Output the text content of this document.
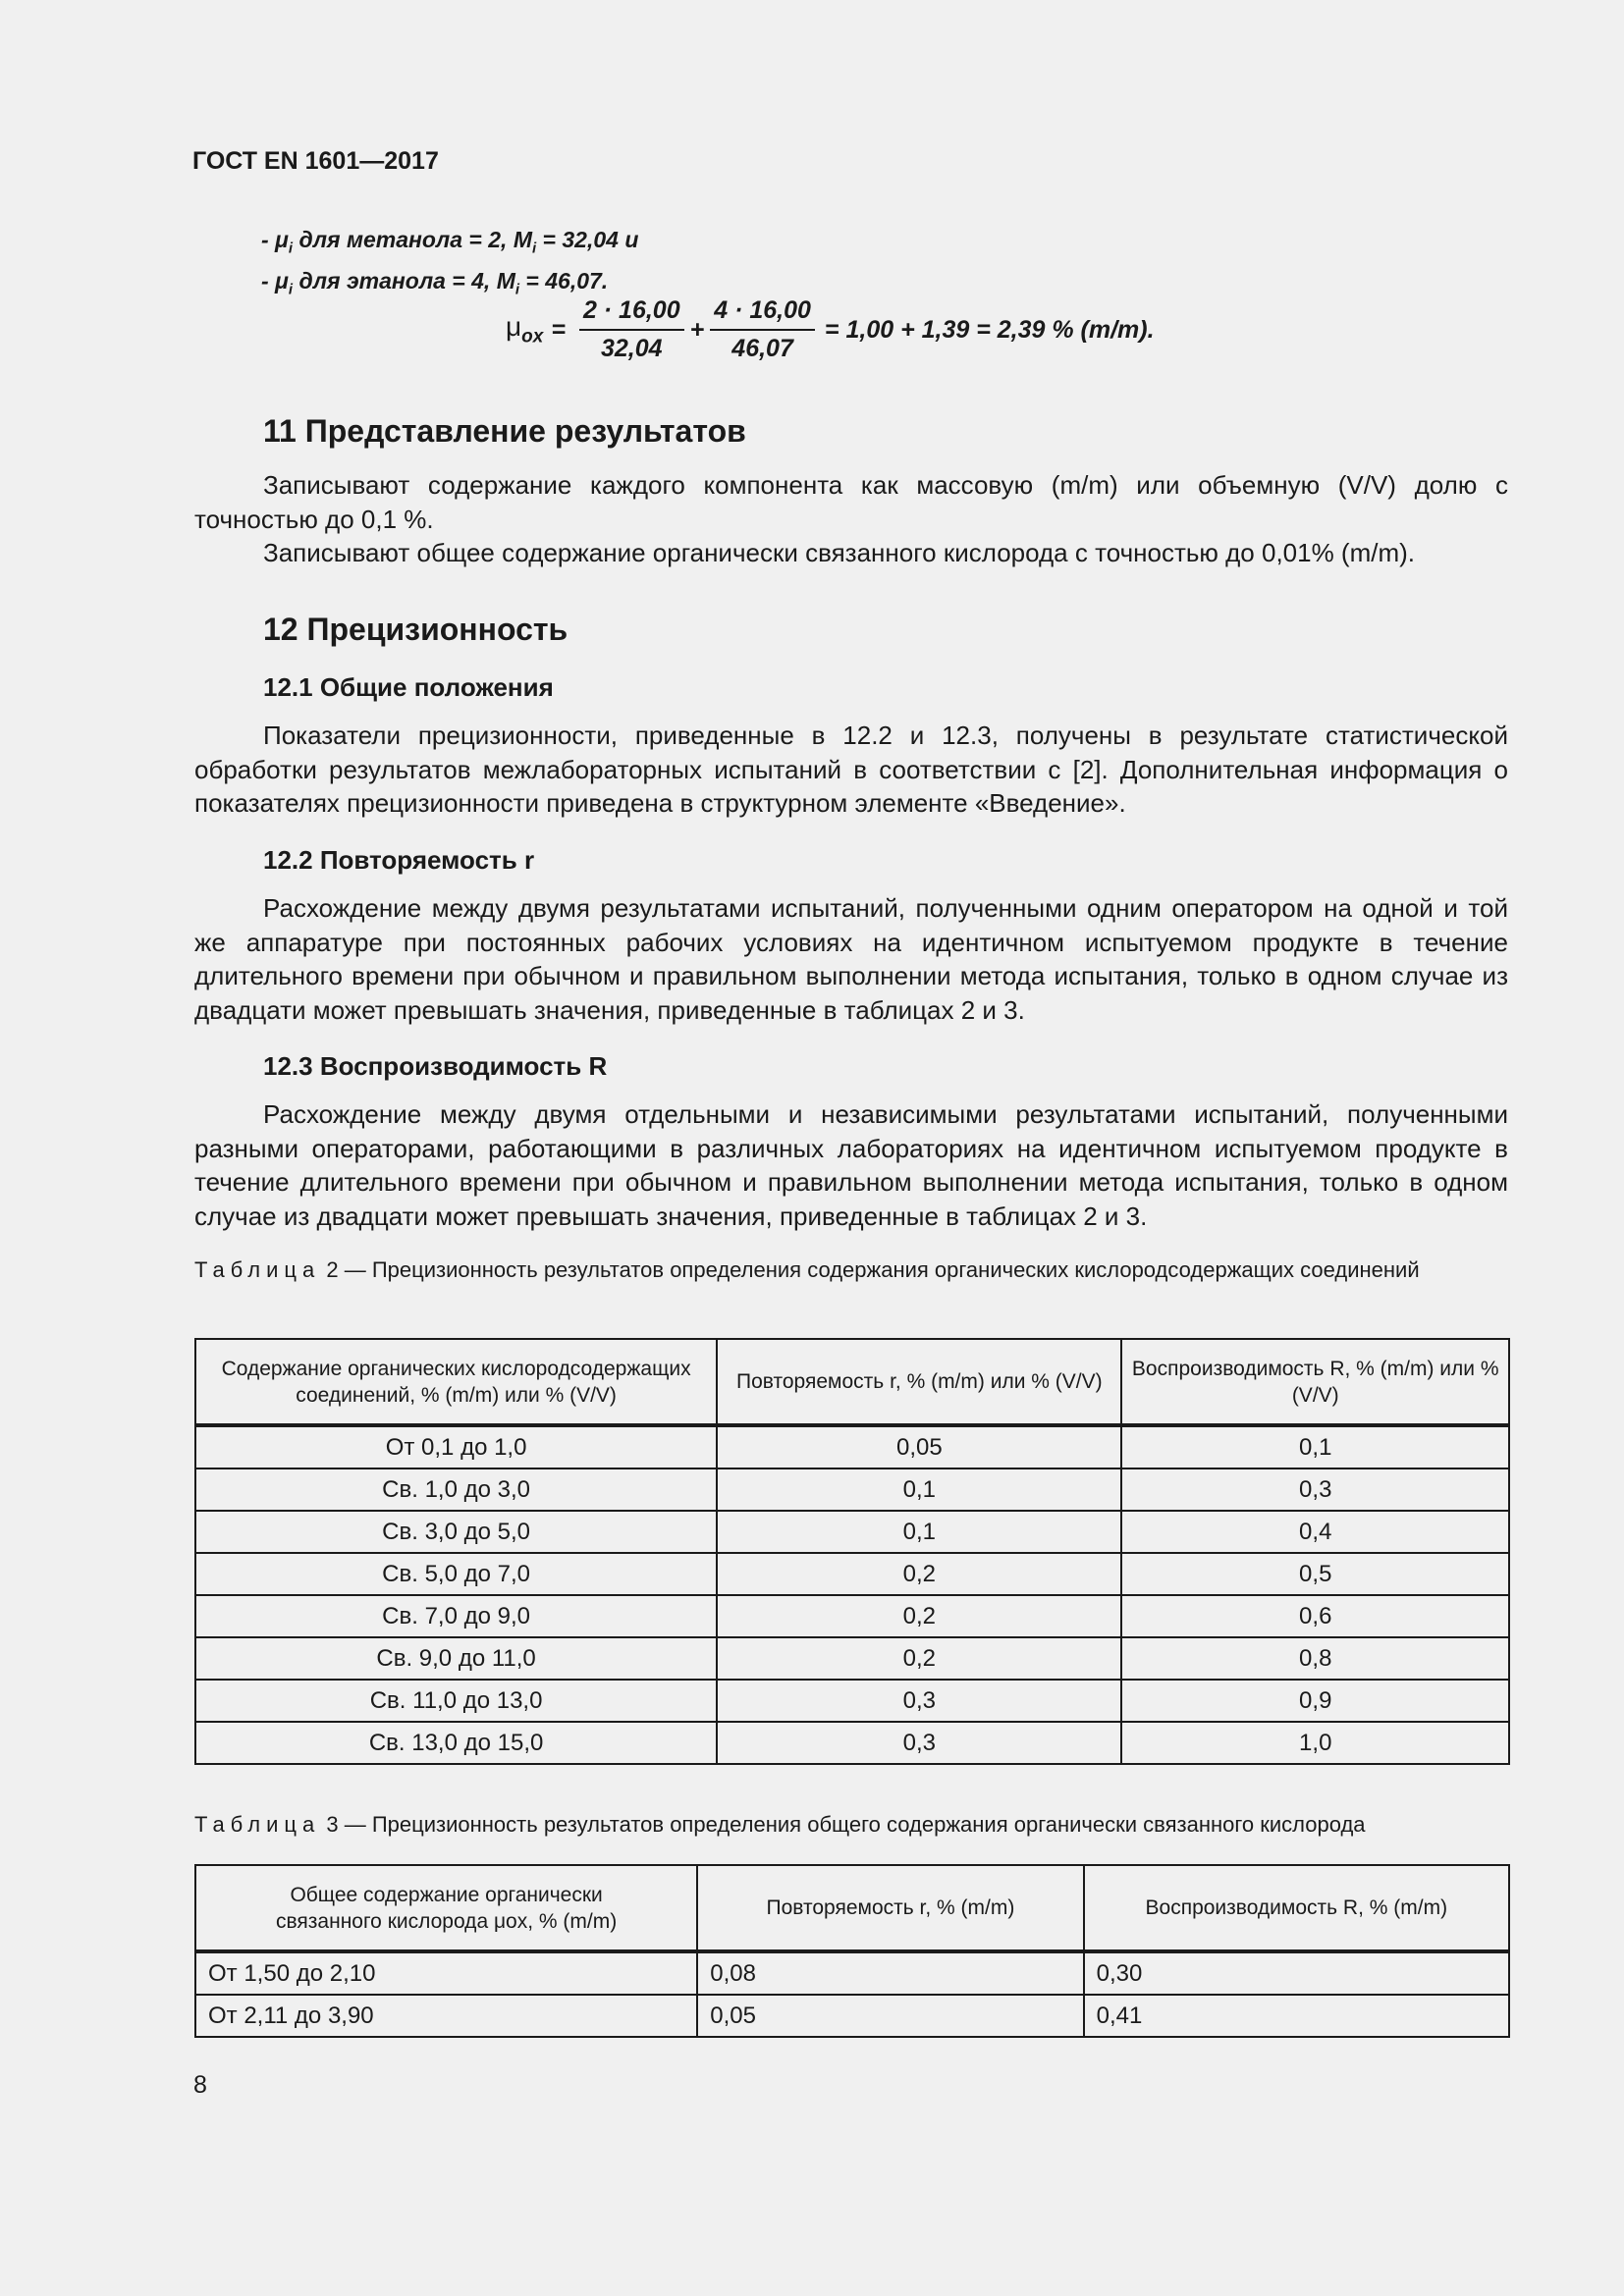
ГОСТ EN 1601—2017
- $\mu_i$ для метанола = 2, $M_i = 32,04$ и
- $\mu_i$ для этанола = 4, $M_i = 46,07$.
$\mu_{ox} = \frac{2 \cdot 16,00}{32,04} + \frac{4 \cdot 16,00}{46,07} = 1,00 + 1,39 = 2,39$ % (m/m).
11 Представление результатов

Записывают содержание каждого компонента как массовую (m/m) или объемную (V/V) долю с точностью до 0,1 %.

Записывают общее содержание органически связанного кислорода с точностью до 0,01% (m/m).

12 Прецизионность
12.1 Общие положения

Показатели прецизионности, приведенные в 12.2 и 12.3, получены в результате статистической обработки результатов межлабораторных испытаний в соответствии с [2]. Дополнительная информация о показателях прецизионности приведена в структурном элементе «Введение».

12.2 Повторяемость r

Расхождение между двумя результатами испытаний, полученными одним оператором на одной и той же аппаратуре при постоянных рабочих условиях на идентичном испытуемом продукте в течение длительного времени при обычном и правильном выполнении метода испытания, только в одном случае из двадцати может превышать значения, приведенные в таблицах 2 и 3.

12.3 Воспроизводимость R

Расхождение между двумя отдельными и независимыми результатами испытаний, полученными разными операторами, работающими в различных лабораториях на идентичном испытуемом продукте в течение длительного времени при обычном и правильном выполнении метода испытания, только в одном случае из двадцати может превышать значения, приведенные в таблицах 2 и 3.

Таблица 2 — Прецизионность результатов определения содержания органических кислородсодержащих соединений

Содержание органических кислородсодержащих соединений, % (m/m) или % (V/V)	Повторяемость r, % (m/m) или % (V/V)	Воспроизводимость R, % (m/m) или % (V/V)
От 0,1 до 1,0	0,05	0,1
Св. 1,0 до 3,0	0,1	0,3
Св. 3,0 до 5,0	0,1	0,4
Св. 5,0 до 7,0	0,2	0,5
Св. 7,0 до 9,0	0,2	0,6
Св. 9,0 до 11,0	0,2	0,8
Св. 11,0 до 13,0	0,3	0,9
Св. 13,0 до 15,0	0,3	1,0

Таблица 3 — Прецизионность результатов определения общего содержания органически связанного кислорода

Общее содержание органически связанного кислорода μox, % (m/m)	Повторяемость r, % (m/m)	Воспроизводимость R, % (m/m)
От 1,50 до 2,10	0,08	0,30
От 2,11 до 3,90	0,05	0,41
8
